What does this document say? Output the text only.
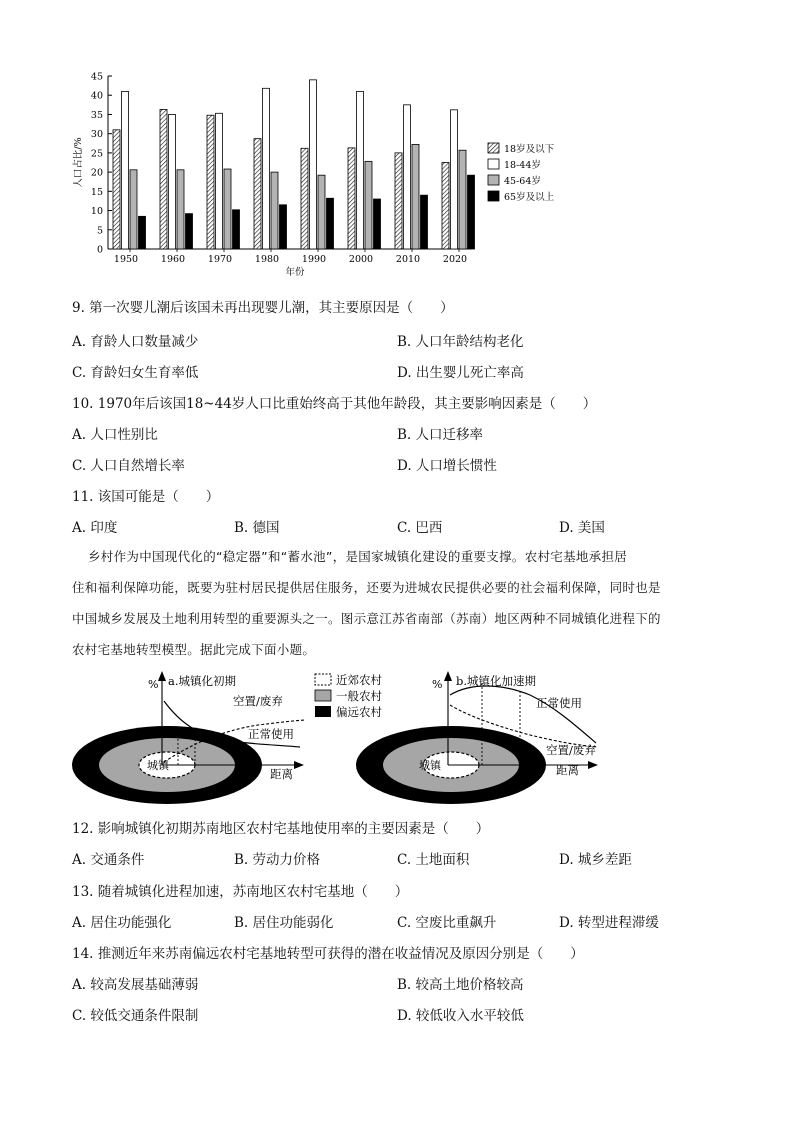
0
5
10
15
20
25
30
35
40
45
人口占比/%
1950 1960 1970 1980 1990 2000 2010 2020
年份
18岁及以下
18-44岁
45-64岁
65岁及以上
9. 第一次婴儿潮后该国未再出现婴儿潮，其主要原因是（　　）
A. 育龄人口数量减少	B. 人口年龄结构老化
C. 育龄妇女生育率低	D. 出生婴儿死亡率高
10. 1970年后该国18~44岁人口比重始终高于其他年龄段，其主要影响因素是（　　）
A. 人口性别比	B. 人口迁移率
C. 人口自然增长率	D. 人口增长惯性
11. 该国可能是（　　）
A. 印度	B. 德国	C. 巴西	D. 美国
乡村作为中国现代化的“稳定器”和“蓄水池”，是国家城镇化建设的重要支撑。农村宅基地承担居
住和福利保障功能，既要为驻村居民提供居住服务，还要为进城农民提供必要的社会福利保障，同时也是
中国城乡发展及土地利用转型的重要源头之一。图示意江苏省南部（苏南）地区两种不同城镇化进程下的
农村宅基地转型模型。据此完成下面小题。
城镇
% a.城镇化初期
空置/废弃
正常使用
距离
近郊农村
一般农村
偏远农村
城镇
% b.城镇化加速期
正常使用
空置/废弃
距离
12. 影响城镇化初期苏南地区农村宅基地使用率的主要因素是（　　）
A. 交通条件	B. 劳动力价格	C. 土地面积	D. 城乡差距
13. 随着城镇化进程加速，苏南地区农村宅基地（　　）
A. 居住功能强化	B. 居住功能弱化	C. 空废比重飙升	D. 转型进程滞缓
14. 推测近年来苏南偏远农村宅基地转型可获得的潜在收益情况及原因分别是（　　）
A. 较高发展基础薄弱	B. 较高土地价格较高
C. 较低交通条件限制	D. 较低收入水平较低
